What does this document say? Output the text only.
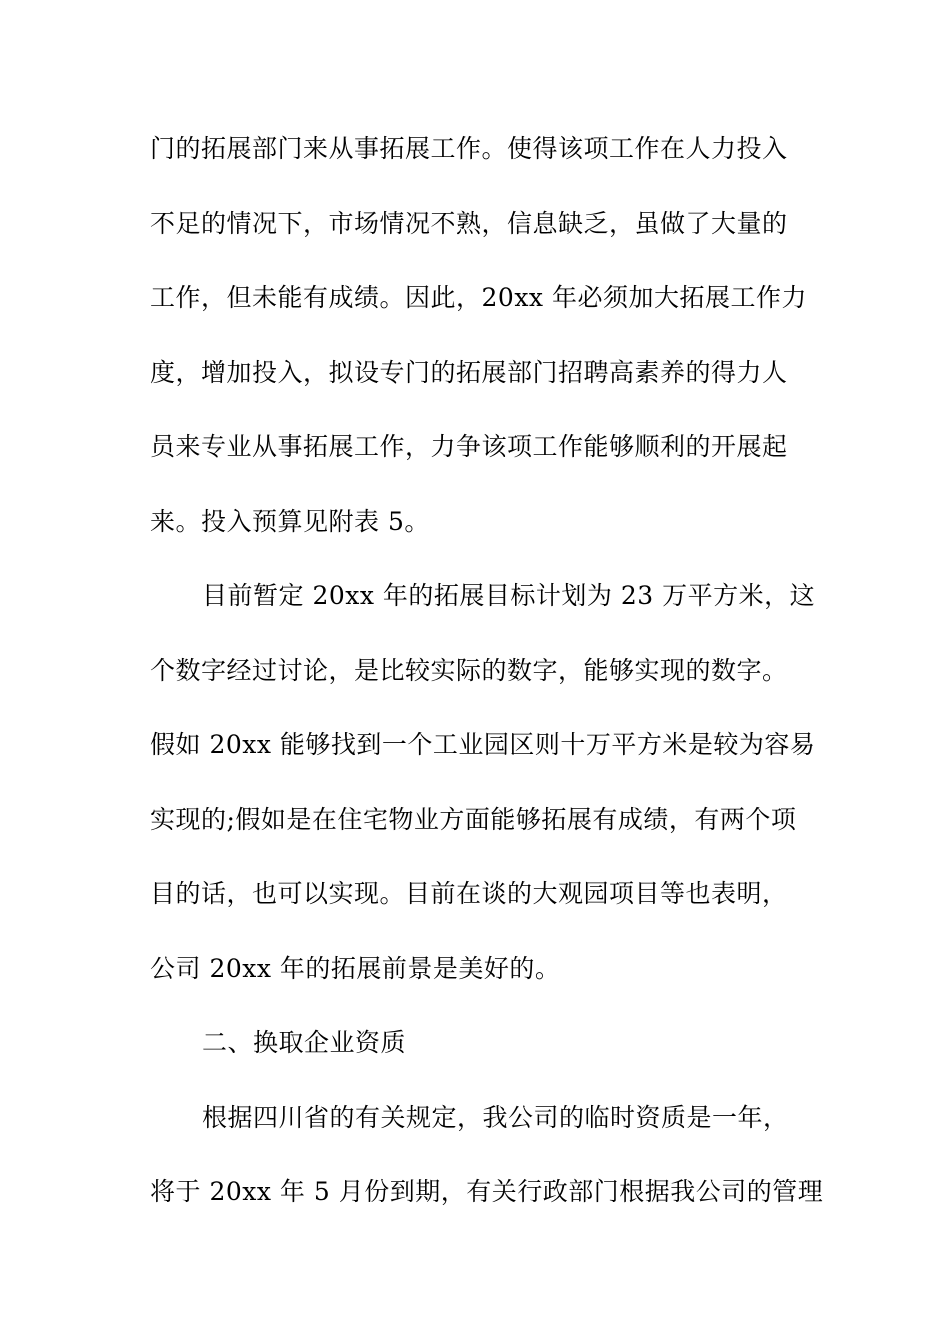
门的拓展部门来从事拓展工作。使得该项工作在人力投入
不足的情况下，市场情况不熟，信息缺乏，虽做了大量的
工作，但未能有成绩。因此，20xx 年必须加大拓展工作力
度，增加投入，拟设专门的拓展部门招聘高素养的得力人
员来专业从事拓展工作，力争该项工作能够顺利的开展起
来。投入预算见附表 5。
目前暂定 20xx 年的拓展目标计划为 23 万平方米，这
个数字经过讨论，是比较实际的数字，能够实现的数字。
假如 20xx 能够找到一个工业园区则十万平方米是较为容易
实现的;假如是在住宅物业方面能够拓展有成绩，有两个项
目的话，也可以实现。目前在谈的大观园项目等也表明，
公司 20xx 年的拓展前景是美好的。
二、换取企业资质
根据四川省的有关规定，我公司的临时资质是一年，
将于 20xx 年 5 月份到期，有关行政部门根据我公司的管理
